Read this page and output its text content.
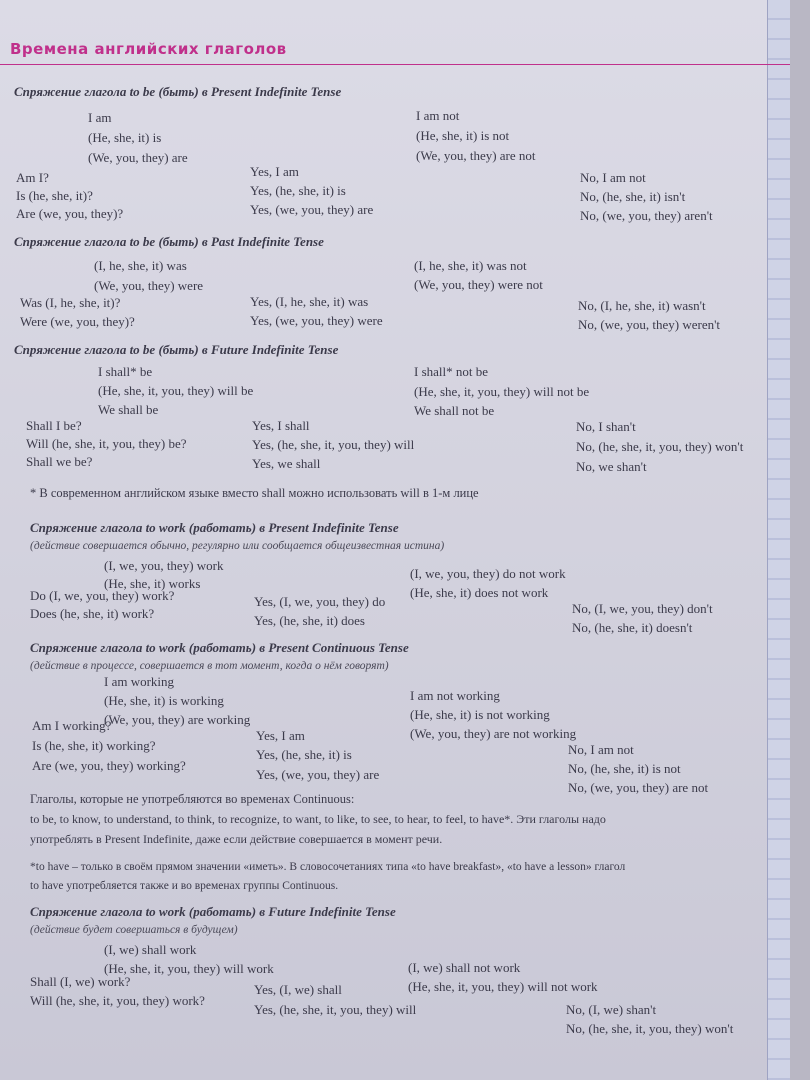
Времена английских глаголов
Спряжение глагола to be (быть) в Present Indefinite Tense
I am
(He, she, it) is
(We, you, they) are
I am not
(He, she, it) is not
(We, you, they) are not
Am I?
Is (he, she, it)?
Are (we, you, they)?
Yes, I am
Yes, (he, she, it) is
Yes, (we, you, they) are
No, I am not
No, (he, she, it) isn't
No, (we, you, they) aren't
Спряжение глагола to be (быть) в Past Indefinite Tense
(I, he, she, it) was
(We, you, they) were
(I, he, she, it) was not
(We, you, they) were not
Was (I, he, she, it)?
Were (we, you, they)?
Yes, (I, he, she, it) was
Yes, (we, you, they) were
No, (I, he, she, it) wasn't
No, (we, you, they) weren't
Спряжение глагола to be (быть) в Future Indefinite Tense
I shall* be
(He, she, it, you, they) will be
We shall be
I shall* not be
(He, she, it, you, they) will not be
We shall not be
Shall I be?
Will (he, she, it, you, they) be?
Shall we be?
Yes, I shall
Yes, (he, she, it, you, they) will
Yes, we shall
No, I shan't
No, (he, she, it, you, they) won't
No, we shan't
* В современном английском языке вместо shall можно использовать will в 1-м лице
Спряжение глагола to work (работать) в Present Indefinite Tense
(действие совершается обычно, регулярно или сообщается общеизвестная истина)
(I, we, you, they) work
(He, she, it) works
(I, we, you, they) do not work
(He, she, it) does not work
Do (I, we, you, they) work?
Does (he, she, it) work?
Yes, (I, we, you, they) do
Yes, (he, she, it) does
No, (I, we, you, they) don't
No, (he, she, it) doesn't
Спряжение глагола to work (работать) в Present Continuous Tense
(действие в процессе, совершается в тот момент, когда о нём говорят)
I am working
(He, she, it) is working
(We, you, they) are working
I am not working
(He, she, it) is not working
(We, you, they) are not working
Am I working?
Is (he, she, it) working?
Are (we, you, they) working?
Yes, I am
Yes, (he, she, it) is
Yes, (we, you, they) are
No, I am not
No, (he, she, it) is not
No, (we, you, they) are not
Глаголы, которые не употребляются во временах Continuous:
to be, to know, to understand, to think, to recognize, to want, to like, to see, to hear, to feel, to have*. Эти глаголы надо
употреблять в Present Indefinite, даже если действие совершается в момент речи.
*to have – только в своём прямом значении «иметь». В словосочетаниях типа «to have breakfast», «to have a lesson» глагол
to have употребляется также и во временах группы Continuous.
Спряжение глагола to work (работать) в Future Indefinite Tense
(действие будет совершаться в будущем)
(I, we) shall work
(He, she, it, you, they) will work	(I, we) shall not work
(He, she, it, you, they) will not work
Shall (I, we) work?
Will (he, she, it, you, they) work?
Yes, (I, we) shall
Yes, (he, she, it, you, they) will	No, (I, we) shan't
No, (he, she, it, you, they) won't
